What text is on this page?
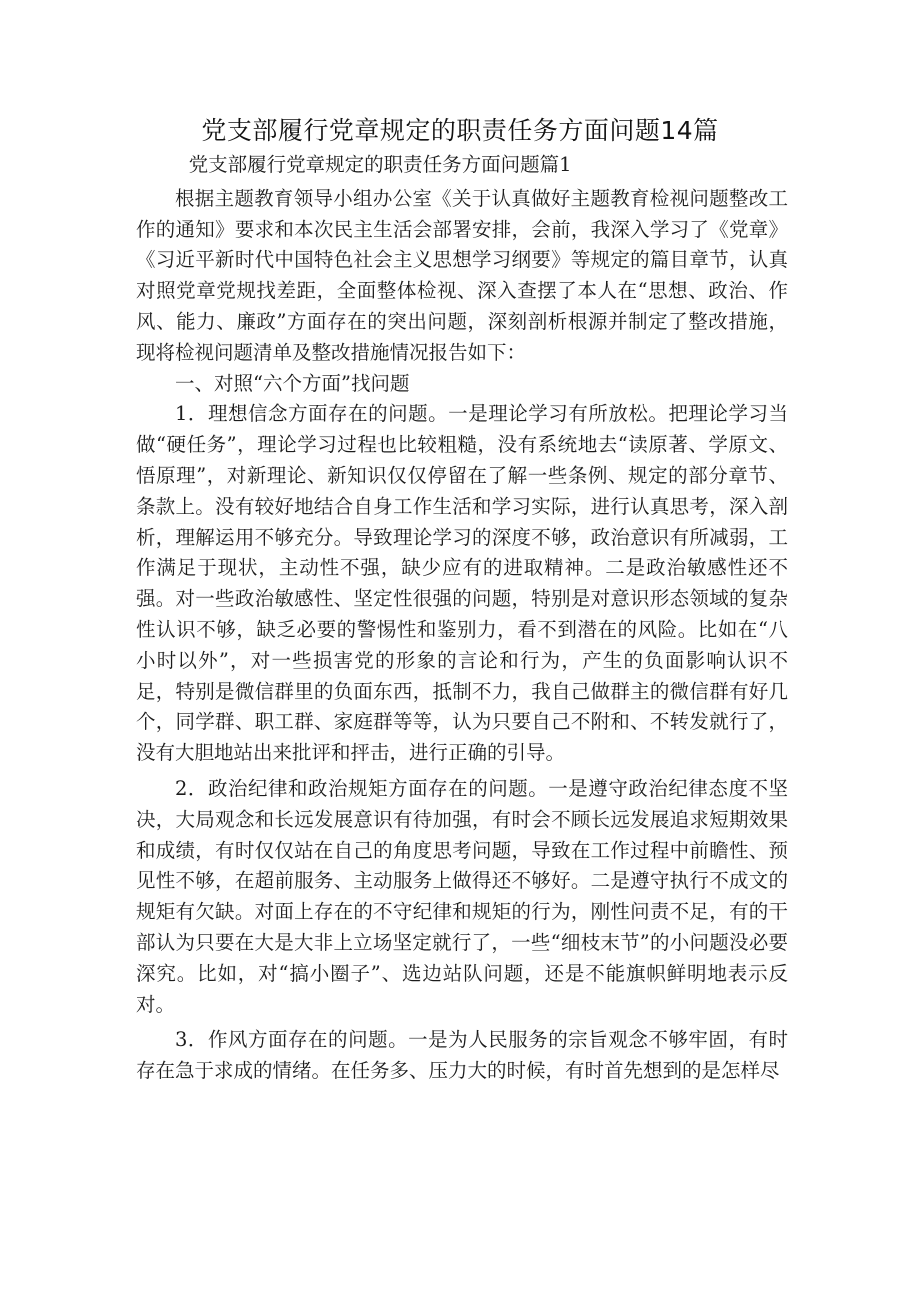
党支部履行党章规定的职责任务方面问题14篇

党支部履行党章规定的职责任务方面问题篇1

根据主题教育领导小组办公室《关于认真做好主题教育检视问题整改工作的通知》要求和本次民主生活会部署安排，会前，我深入学习了《党章》《习近平新时代中国特色社会主义思想学习纲要》等规定的篇目章节，认真对照党章党规找差距，全面整体检视、深入查摆了本人在“思想、政治、作风、能力、廉政”方面存在的突出问题，深刻剖析根源并制定了整改措施，现将检视问题清单及整改措施情况报告如下：

一、对照“六个方面”找问题

1．理想信念方面存在的问题。一是理论学习有所放松。把理论学习当做“硬任务”，理论学习过程也比较粗糙，没有系统地去“读原著、学原文、悟原理”，对新理论、新知识仅仅停留在了解一些条例、规定的部分章节、条款上。没有较好地结合自身工作生活和学习实际，进行认真思考，深入剖析，理解运用不够充分。导致理论学习的深度不够，政治意识有所减弱，工作满足于现状，主动性不强，缺少应有的进取精神。二是政治敏感性还不强。对一些政治敏感性、坚定性很强的问题，特别是对意识形态领域的复杂性认识不够，缺乏必要的警惕性和鉴别力，看不到潜在的风险。比如在“八小时以外”，对一些损害党的形象的言论和行为，产生的负面影响认识不足，特别是微信群里的负面东西，抵制不力，我自己做群主的微信群有好几个，同学群、职工群、家庭群等等，认为只要自己不附和、不转发就行了，没有大胆地站出来批评和抨击，进行正确的引导。

2．政治纪律和政治规矩方面存在的问题。一是遵守政治纪律态度不坚决，大局观念和长远发展意识有待加强，有时会不顾长远发展追求短期效果和成绩，有时仅仅站在自己的角度思考问题，导致在工作过程中前瞻性、预见性不够，在超前服务、主动服务上做得还不够好。二是遵守执行不成文的规矩有欠缺。对面上存在的不守纪律和规矩的行为，刚性问责不足，有的干部认为只要在大是大非上立场坚定就行了，一些“细枝末节”的小问题没必要深究。比如，对“搞小圈子”、选边站队问题，还是不能旗帜鲜明地表示反对。

3．作风方面存在的问题。一是为人民服务的宗旨观念不够牢固，有时存在急于求成的情绪。在任务多、压力大的时候，有时首先想到的是怎样尽
